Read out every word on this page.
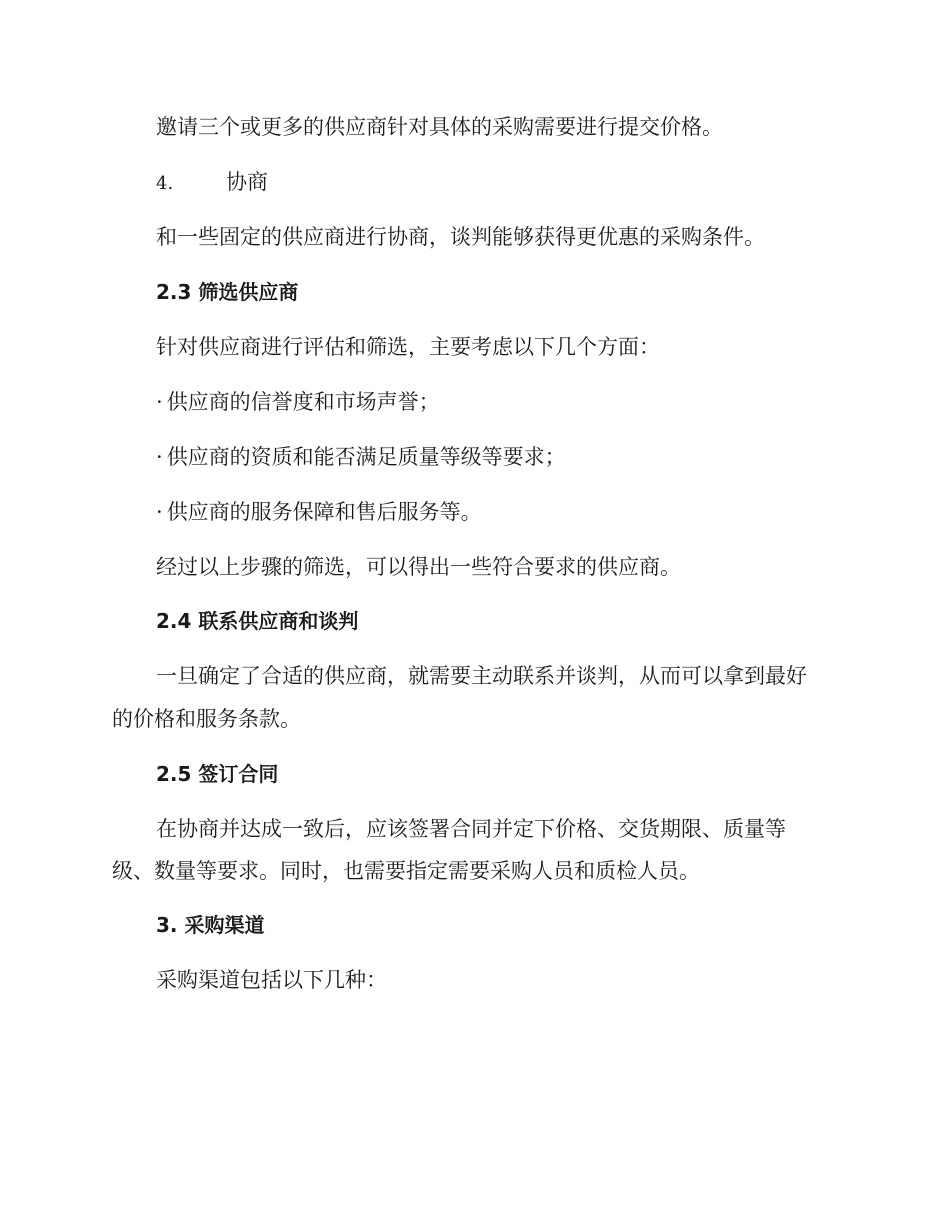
邀请三个或更多的供应商针对具体的采购需要进行提交价格。
4.	协商
和一些固定的供应商进行协商，谈判能够获得更优惠的采购条件。
2.3 筛选供应商
针对供应商进行评估和筛选，主要考虑以下几个方面：
· 供应商的信誉度和市场声誉；
· 供应商的资质和能否满足质量等级等要求；
· 供应商的服务保障和售后服务等。
经过以上步骤的筛选，可以得出一些符合要求的供应商。
2.4 联系供应商和谈判
一旦确定了合适的供应商，就需要主动联系并谈判，从而可以拿到最好
的价格和服务条款。
2.5 签订合同
在协商并达成一致后，应该签署合同并定下价格、交货期限、质量等
级、数量等要求。同时，也需要指定需要采购人员和质检人员。
3. 采购渠道
采购渠道包括以下几种：
